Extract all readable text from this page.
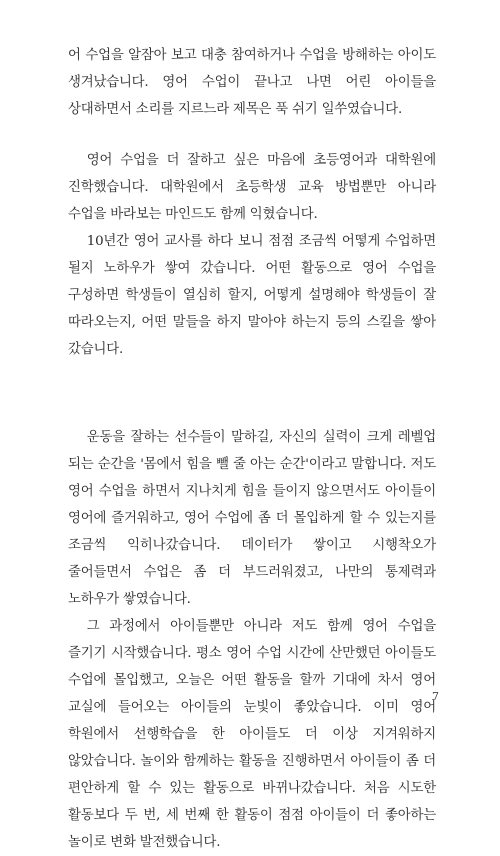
어 수업을 알잠아 보고 대충 참여하거나 수업을 방해하는 아이도 생겨났습니다. 영어 수업이 끝나고 나면 어린 아이들을 상대하면서 소리를 지르느라 제목은 푹 쉬기 일쑤였습니다.

영어 수업을 더 잘하고 싶은 마음에 초등영어과 대학원에 진학했습니다. 대학원에서 초등학생 교육 방법뿐만 아니라 수업을 바라보는 마인드도 함께 익혔습니다.

10년간 영어 교사를 하다 보니 점점 조금씩 어떻게 수업하면 될지 노하우가 쌓여 갔습니다. 어떤 활동으로 영어 수업을 구성하면 학생들이 열심히 할지, 어떻게 설명해야 학생들이 잘 따라오는지, 어떤 말들을 하지 말아야 하는지 등의 스킬을 쌓아 갔습니다.

운동을 잘하는 선수들이 말하길, 자신의 실력이 크게 레벨업 되는 순간을 '몸에서 힘을 뺄 줄 아는 순간'이라고 말합니다. 저도 영어 수업을 하면서 지나치게 힘을 들이지 않으면서도 아이들이 영어에 즐거워하고, 영어 수업에 좀 더 몰입하게 할 수 있는지를 조금씩 익히나갔습니다. 데이터가 쌓이고 시행착오가 줄어들면서 수업은 좀 더 부드러워졌고, 나만의 통제력과 노하우가 쌓였습니다.

그 과정에서 아이들뿐만 아니라 저도 함께 영어 수업을 즐기기 시작했습니다. 평소 영어 수업 시간에 산만했던 아이들도 수업에 몰입했고, 오늘은 어떤 활동을 할까 기대에 차서 영어 교실에 들어오는 아이들의 눈빛이 좋았습니다. 이미 영어 학원에서 선행학습을 한 아이들도 더 이상 지겨워하지 않았습니다. 놀이와 함께하는 활동을 진행하면서 아이들이 좀 더 편안하게 할 수 있는 활동으로 바뀌나갔습니다. 처음 시도한 활동보다 두 번, 세 번째 한 활동이 점점 아이들이 더 좋아하는 놀이로 변화 발전했습니다.

7
